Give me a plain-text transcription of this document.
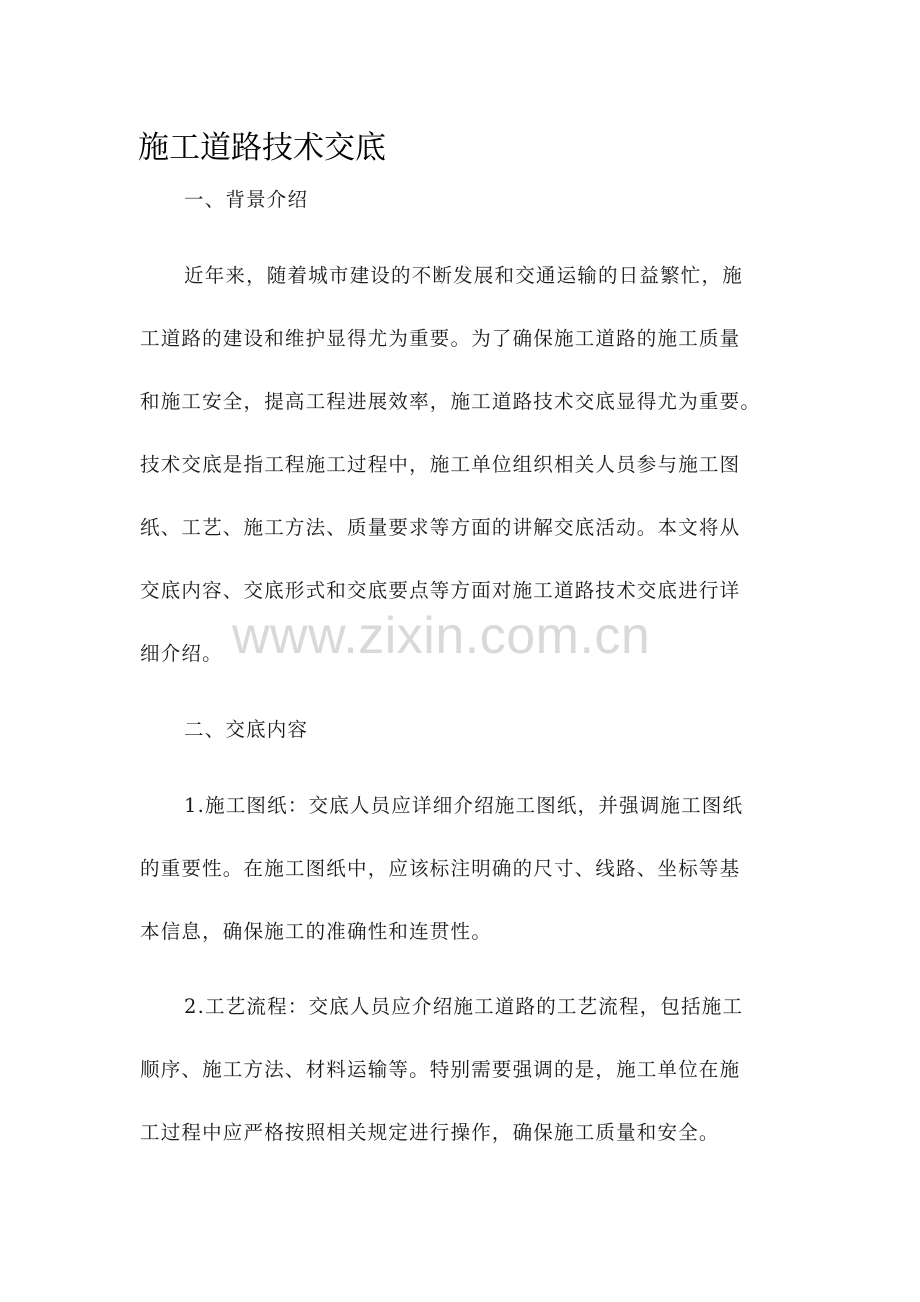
施工道路技术交底
一、背景介绍
近年来，随着城市建设的不断发展和交通运输的日益繁忙，施
工道路的建设和维护显得尤为重要。为了确保施工道路的施工质量
和施工安全，提高工程进展效率，施工道路技术交底显得尤为重要。
技术交底是指工程施工过程中，施工单位组织相关人员参与施工图
纸、工艺、施工方法、质量要求等方面的讲解交底活动。本文将从
交底内容、交底形式和交底要点等方面对施工道路技术交底进行详
细介绍。
二、交底内容
1.施工图纸：交底人员应详细介绍施工图纸，并强调施工图纸
的重要性。在施工图纸中，应该标注明确的尺寸、线路、坐标等基
本信息，确保施工的准确性和连贯性。
2.工艺流程：交底人员应介绍施工道路的工艺流程，包括施工
顺序、施工方法、材料运输等。特别需要强调的是，施工单位在施
工过程中应严格按照相关规定进行操作，确保施工质量和安全。
www.zixin.com.cn
